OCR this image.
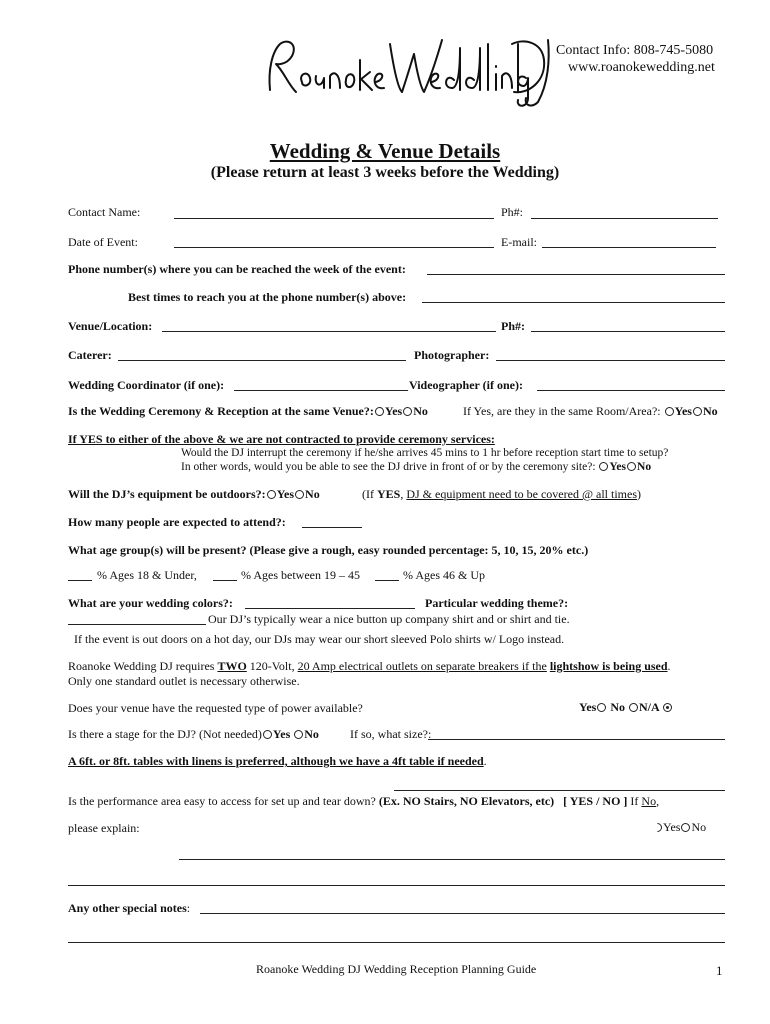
Contact Info: 808-745-5080
www.roanokewedding.net
Wedding & Venue Details
(Please return at least 3 weeks before the Wedding)
Contact Name:	Ph#:
Date of Event:	E-mail:
Phone number(s) where you can be reached the week of the event:
Best times to reach you at the phone number(s) above:
Venue/Location:	Ph#:
Caterer:	Photographer:
Wedding Coordinator (if one):	Videographer (if one):
Is the Wedding Ceremony & Reception at the same Venue?: Yes No	If Yes, are they in the same Room/Area?: Yes No
If YES to either of the above & we are not contracted to provide ceremony services:
Would the DJ interrupt the ceremony if he/she arrives 45 mins to 1 hr before reception start time to setup?
In other words, would you be able to see the DJ drive in front of or by the ceremony site?: Yes No
Will the DJ’s equipment be outdoors?: Yes No	(If YES, DJ & equipment need to be covered @ all times)
How many people are expected to attend?:
What age group(s) will be present? (Please give a rough, easy rounded percentage: 5, 10, 15, 20% etc.)
% Ages 18 & Under,	% Ages between 19 – 45	% Ages 46 & Up
What are your wedding colors?:	Particular wedding theme?:
Our DJ’s typically wear a nice button up company shirt and or shirt and tie.
If the event is out doors on a hot day, our DJs may wear our short sleeved Polo shirts w/ Logo instead.
Roanoke Wedding DJ requires TWO 120-Volt, 20 Amp electrical outlets on separate breakers if the lightshow is being used.
Only one standard outlet is necessary otherwise.
Does your venue have the requested type of power available?	Yes No N/A
Is there a stage for the DJ? (Not needed) Yes No	If so, what size?:
A 6ft. or 8ft. tables with linens is preferred, although we have a 4ft table if needed.
Is the performance area easy to access for set up and tear down? (Ex. NO Stairs, NO Elevators, etc) [ YES / NO ] If No,
please explain:	Yes No
Any other special notes:
Roanoke Wedding DJ Wedding Reception Planning Guide	1
